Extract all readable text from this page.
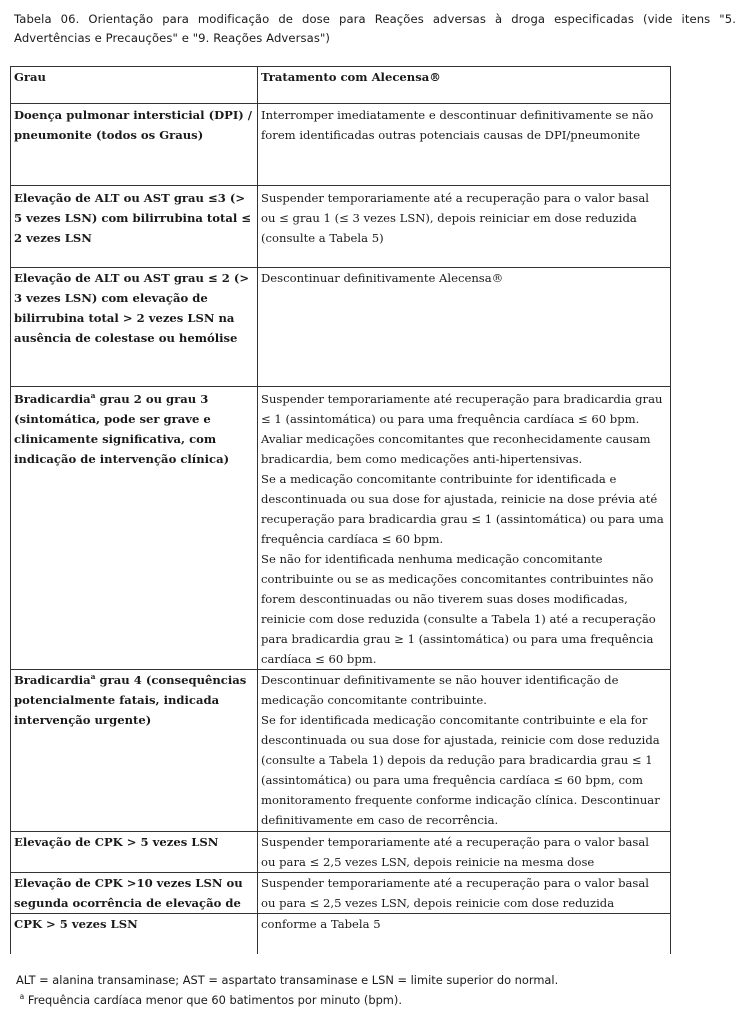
Tabela 06. Orientação para modificação de dose para Reações adversas à droga especificadas (vide itens "5. Advertências e Precauções" e "9. Reações Adversas")
Grau	Tratamento com Alecensa®
Doença pulmonar intersticial (DPI) / pneumonite (todos os Graus)	Interromper imediatamente e descontinuar definitivamente se não forem identificadas outras potenciais causas de DPI/pneumonite

Elevação de ALT ou AST grau ≤3 (> 5 vezes LSN) com bilirrubina total ≤ 2 vezes LSN	Suspender temporariamente até a recuperação para o valor basal ou ≤ grau 1 (≤ 3 vezes LSN), depois reiniciar em dose reduzida (consulte a Tabela 5)

Elevação de ALT ou AST grau ≤ 2 (> 3 vezes LSN) com elevação de bilirrubina total > 2 vezes LSN na ausência de colestase ou hemólise	Descontinuar definitivamente Alecensa®

Bradicardia$^a$ grau 2 ou grau 3 (sintomática, pode ser grave e clinicamente significativa, com indicação de intervenção clínica)	Suspender temporariamente até recuperação para bradicardia grau ≤ 1 (assintomática) ou para uma frequência cardíaca ≤ 60 bpm. Avaliar medicações concomitantes que reconhecidamente causam bradicardia, bem como medicações anti-hipertensivas.
Se a medicação concomitante contribuinte for identificada e descontinuada ou sua dose for ajustada, reinicie na dose prévia até recuperação para bradicardia grau ≤ 1 (assintomática) ou para uma frequência cardíaca ≤ 60 bpm.
Se não for identificada nenhuma medicação concomitante contribuinte ou se as medicações concomitantes contribuintes não forem descontinuadas ou não tiverem suas doses modificadas, reinicie com dose reduzida (consulte a Tabela 1) até a recuperação para bradicardia grau ≥ 1 (assintomática) ou para uma frequência cardíaca ≤ 60 bpm.

Bradicardia$^a$ grau 4 (consequências potencialmente fatais, indicada intervenção urgente)	Descontinuar definitivamente se não houver identificação de medicação concomitante contribuinte.
Se for identificada medicação concomitante contribuinte e ela for descontinuada ou sua dose for ajustada, reinicie com dose reduzida (consulte a Tabela 1) depois da redução para bradicardia grau ≤ 1 (assintomática) ou para uma frequência cardíaca ≤ 60 bpm, com monitoramento frequente conforme indicação clínica. Descontinuar definitivamente em caso de recorrência.

Elevação de CPK > 5 vezes LSN	Suspender temporariamente até a recuperação para o valor basal ou para ≤ 2,5 vezes LSN, depois reinicie na mesma dose

Elevação de CPK >10 vezes LSN ou segunda ocorrência de elevação de	Suspender temporariamente até a recuperação para o valor basal ou para ≤ 2,5 vezes LSN, depois reinicie com dose reduzida

CPK > 5 vezes LSN	conforme a Tabela 5
ALT = alanina transaminase; AST = aspartato transaminase e LSN = limite superior do normal.
$^a$ Frequência cardíaca menor que 60 batimentos por minuto (bpm).
